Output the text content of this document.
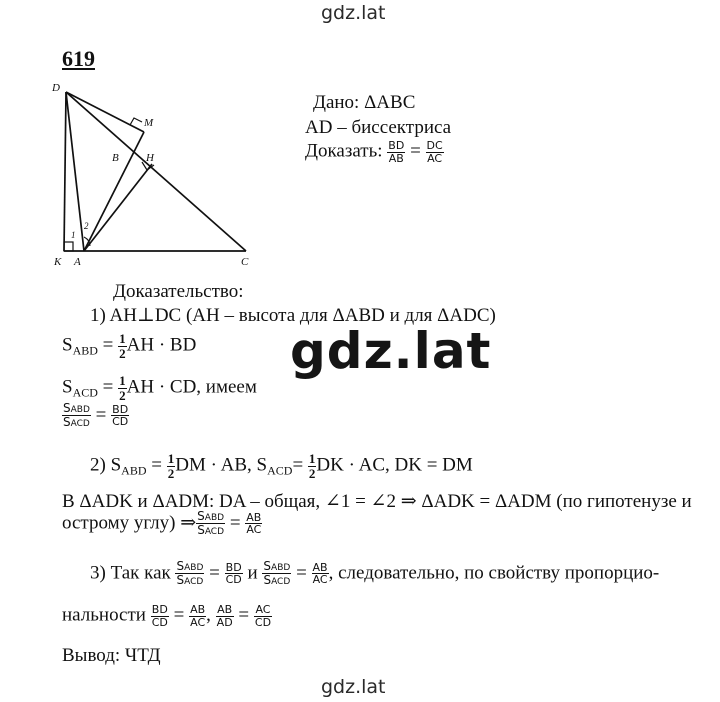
gdz.lat
gdz.lat
gdz.lat
619
D
M
B H
1
2
K A	C
Дано: ΔАВС
AD – биссектриса
Доказать: $\frac{BD}{AB} = \frac{DC}{AC}$
Доказательство:
1) AH⊥DC (АН – высота для ΔABD и для ΔADC)
$S_{ABD} = \frac{1}{2}$ AH · BD
$S_{ACD} = \frac{1}{2}$ AH · CD, имеем
$\frac{\text{SABD}}{\text{SACD}} = \frac{BD}{CD}$
2) $S_{ABD} = \frac{1}{2}$ DM · AB, $S_{ACD}= \frac{1}{2}$ DK · AC, DK = DM
В ΔADK и ΔADM: DA – общая, ∠1 = ∠2 ⇒ ΔADK = ΔADM (по гипотенузе и
острому углу) ⇒ $\frac{\text{SABD}}{\text{SACD}} = \frac{AB}{AC}$
3) Так как $\frac{\text{SABD}}{\text{SACD}} = \frac{BD}{CD}$ и $\frac{\text{SABD}}{\text{SACD}} = \frac{AB}{AC}$ , следовательно, по свойству пропорцио-
нальности $\frac{BD}{CD} = \frac{AB}{AC}$ , $\frac{AB}{AD} = \frac{AC}{CD}$
Вывод: ЧТД
